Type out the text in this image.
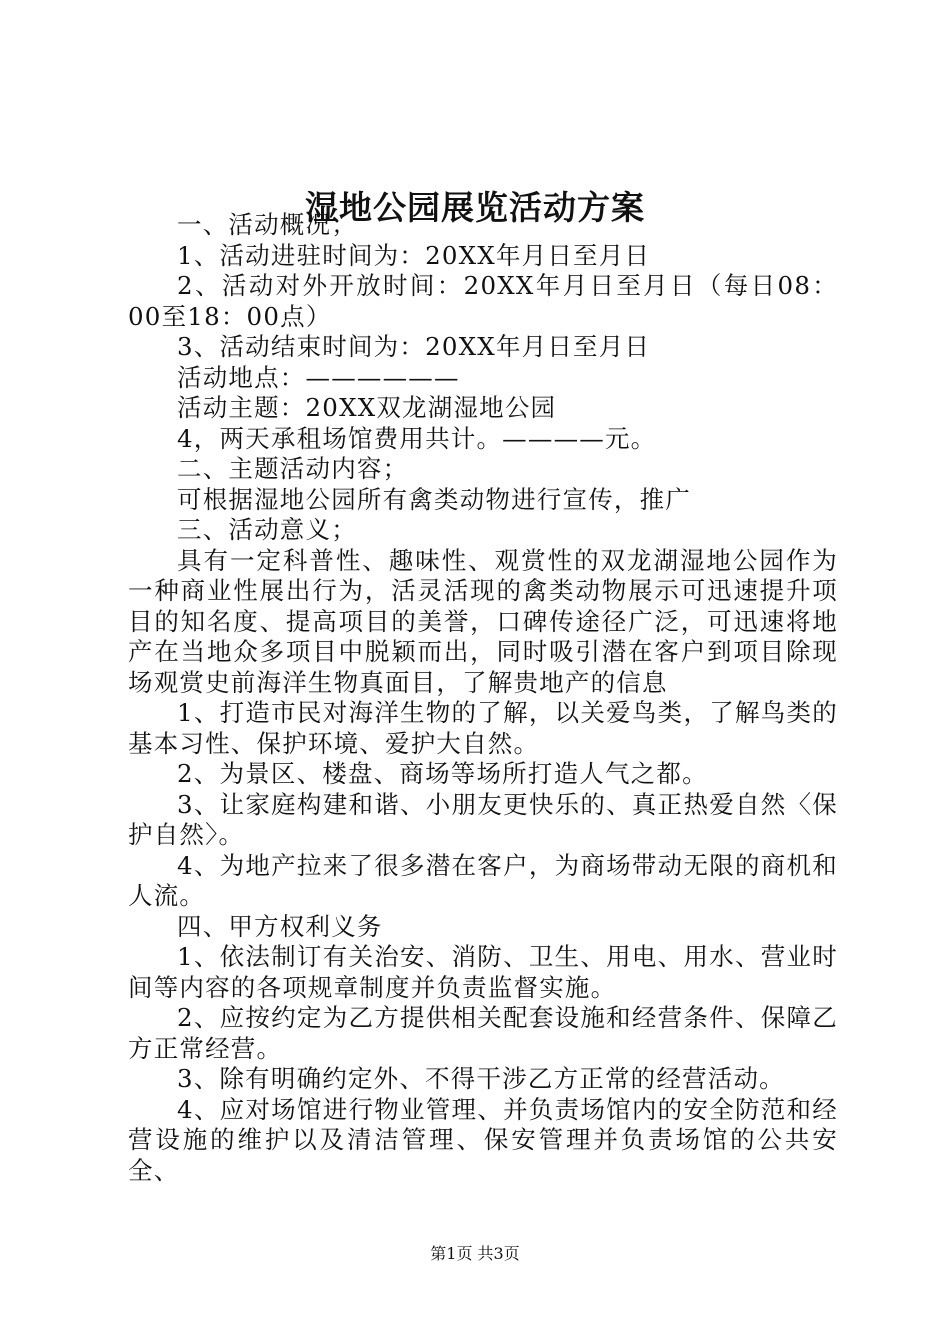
湿地公园展览活动方案

一、活动概况；

1、活动进驻时间为：20XX年月日至月日

2、活动对外开放时间：20XX年月日至月日（每日08：00至18：00点）

3、活动结束时间为：20XX年月日至月日

活动地点：——————

活动主题：20XX双龙湖湿地公园

4，两天承租场馆费用共计。————元。

二、主题活动内容；

可根据湿地公园所有禽类动物进行宣传，推广

三、活动意义；

具有一定科普性、趣味性、观赏性的双龙湖湿地公园作为一种商业性展出行为，活灵活现的禽类动物展示可迅速提升项目的知名度、提高项目的美誉，口碑传途径广泛，可迅速将地产在当地众多项目中脱颖而出，同时吸引潜在客户到项目除现场观赏史前海洋生物真面目，了解贵地产的信息

1、打造市民对海洋生物的了解，以关爱鸟类，了解鸟类的基本习性、保护环境、爱护大自然。

2、为景区、楼盘、商场等场所打造人气之都。

3、让家庭构建和谐、小朋友更快乐的、真正热爱自然〈保护自然〉。

4、为地产拉来了很多潜在客户，为商场带动无限的商机和人流。

四、甲方权利义务

1、依法制订有关治安、消防、卫生、用电、用水、营业时间等内容的各项规章制度并负责监督实施。

2、应按约定为乙方提供相关配套设施和经营条件、保障乙方正常经营。

3、除有明确约定外、不得干涉乙方正常的经营活动。

4、应对场馆进行物业管理、并负责场馆内的安全防范和经营设施的维护以及清洁管理、保安管理并负责场馆的公共安全、

第1页 共3页
